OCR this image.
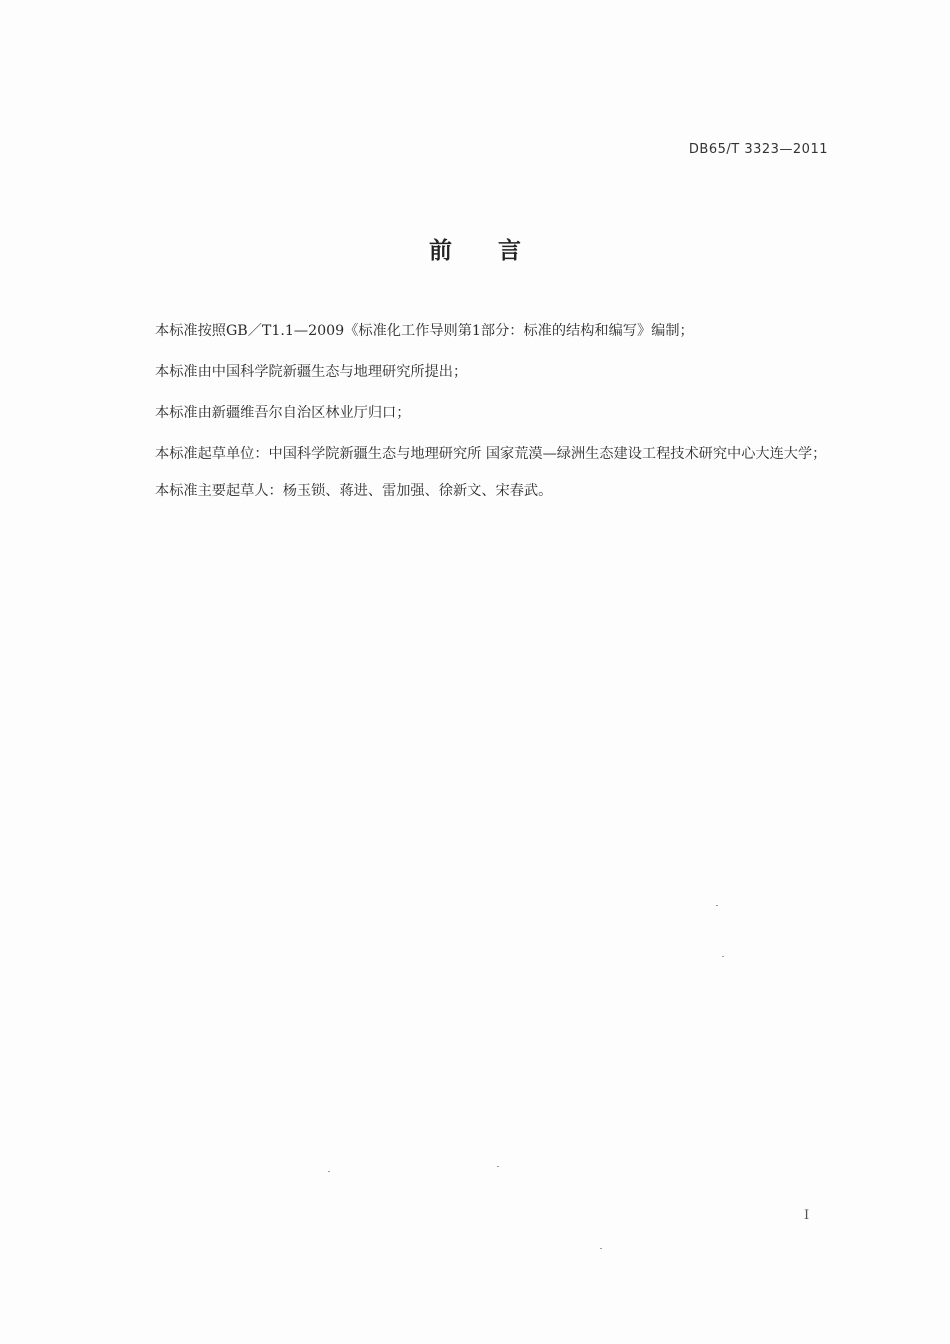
DB65/T 3323—2011
前言

本标准按照GB／T1.1—2009《标准化工作导则第1部分：标准的结构和编写》编制；

本标准由中国科学院新疆生态与地理研究所提出；

本标准由新疆维吾尔自治区林业厅归口；

本标准起草单位：中国科学院新疆生态与地理研究所 国家荒漠—绿洲生态建设工程技术研究中心大连大学；

本标准主要起草人：杨玉锁、蒋进、雷加强、徐新文、宋春武。

I
